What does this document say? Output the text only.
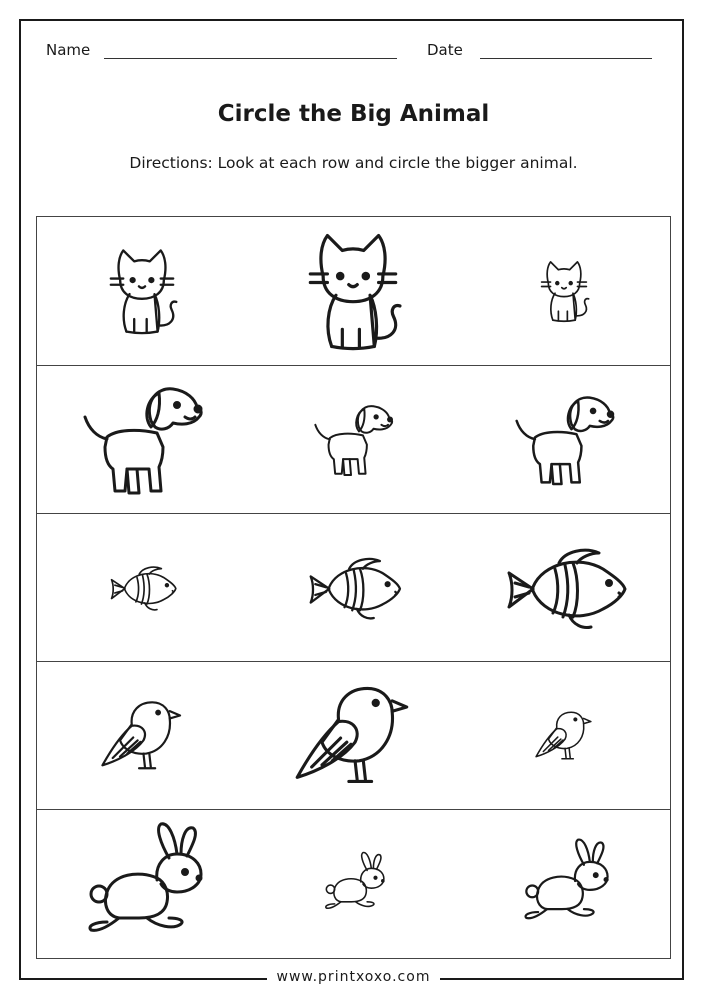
Name	Date
Circle the Big Animal
Directions: Look at each row and circle the bigger animal.
www.printxoxo.com
